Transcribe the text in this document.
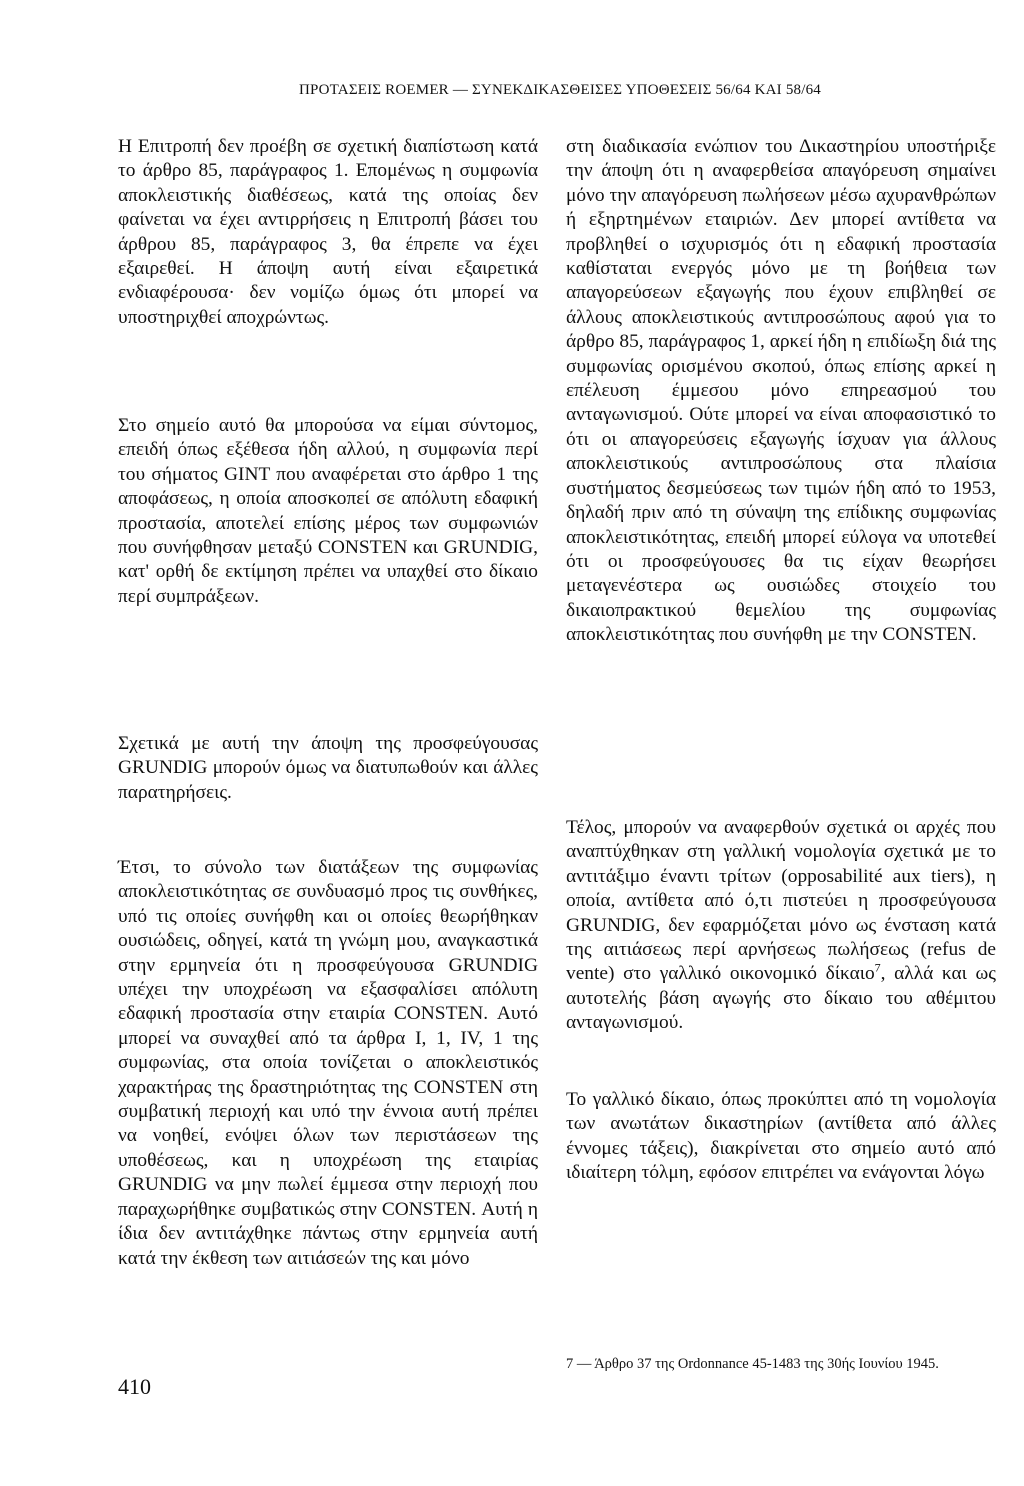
ΠΡΟΤΑΣΕΙΣ ROEMER — ΣΥΝΕΚΔΙΚΑΣΘΕΙΣΕΣ ΥΠΟΘΕΣΕΙΣ 56/64 ΚΑΙ 58/64

Η Επιτροπή δεν προέβη σε σχετική διαπίστωση κατά το άρθρο 85, παράγραφος 1. Επομένως η συμφωνία αποκλειστικής διαθέσεως, κατά της οποίας δεν φαίνεται να έχει αντιρρήσεις η Επιτροπή βάσει του άρθρου 85, παράγραφος 3, θα έπρεπε να έχει εξαιρεθεί. Η άποψη αυτή είναι εξαιρετικά ενδιαφέρουσα· δεν νομίζω όμως ότι μπορεί να υποστηριχθεί αποχρώντως.

Στο σημείο αυτό θα μπορούσα να είμαι σύντομος, επειδή όπως εξέθεσα ήδη αλλού, η συμφωνία περί του σήματος GINT που αναφέρεται στο άρθρο 1 της αποφάσεως, η οποία αποσκοπεί σε απόλυτη εδαφική προστασία, αποτελεί επίσης μέρος των συμφωνιών που συνήφθησαν μεταξύ CONSTEN και GRUNDIG, κατ' ορθή δε εκτίμηση πρέπει να υπαχθεί στο δίκαιο περί συμπράξεων.

Σχετικά με αυτή την άποψη της προσφεύγουσας GRUNDIG μπορούν όμως να διατυπωθούν και άλλες παρατηρήσεις.

Έτσι, το σύνολο των διατάξεων της συμφωνίας αποκλειστικότητας σε συνδυασμό προς τις συνθήκες, υπό τις οποίες συνήφθη και οι οποίες θεωρήθηκαν ουσιώδεις, οδηγεί, κατά τη γνώμη μου, αναγκαστικά στην ερμηνεία ότι η προσφεύγουσα GRUNDIG υπέχει την υποχρέωση να εξασφαλίσει απόλυτη εδαφική προστασία στην εταιρία CONSTEN. Αυτό μπορεί να συναχθεί από τα άρθρα I, 1, IV, 1 της συμφωνίας, στα οποία τονίζεται ο αποκλειστικός χαρακτήρας της δραστηριότητας της CONSTEN στη συμβατική περιοχή και υπό την έννοια αυτή πρέπει να νοηθεί, ενόψει όλων των περιστάσεων της υποθέσεως, και η υποχρέωση της εταιρίας GRUNDIG να μην πωλεί έμμεσα στην περιοχή που παραχωρήθηκε συμβατικώς στην CONSTEN. Αυτή η ίδια δεν αντιτάχθηκε πάντως στην ερμηνεία αυτή κατά την έκθεση των αιτιάσεών της και μόνο

στη διαδικασία ενώπιον του Δικαστηρίου υποστήριξε την άποψη ότι η αναφερθείσα απαγόρευση σημαίνει μόνο την απαγόρευση πωλήσεων μέσω αχυρανθρώπων ή εξηρτημένων εταιριών. Δεν μπορεί αντίθετα να προβληθεί ο ισχυρισμός ότι η εδαφική προστασία καθίσταται ενεργός μόνο με τη βοήθεια των απαγορεύσεων εξαγωγής που έχουν επιβληθεί σε άλλους αποκλειστικούς αντιπροσώπους αφού για το άρθρο 85, παράγραφος 1, αρκεί ήδη η επιδίωξη διά της συμφωνίας ορισμένου σκοπού, όπως επίσης αρκεί η επέλευση έμμεσου μόνο επηρεασμού του ανταγωνισμού. Ούτε μπορεί να είναι αποφασιστικό το ότι οι απαγορεύσεις εξαγωγής ίσχυαν για άλλους αποκλειστικούς αντιπροσώπους στα πλαίσια συστήματος δεσμεύσεως των τιμών ήδη από το 1953, δηλαδή πριν από τη σύναψη της επίδικης συμφωνίας αποκλειστικότητας, επειδή μπορεί εύλογα να υποτεθεί ότι οι προσφεύγουσες θα τις είχαν θεωρήσει μεταγενέστερα ως ουσιώδες στοιχείο του δικαιοπρακτικού θεμελίου της συμφωνίας αποκλειστικότητας που συνήφθη με την CONSTEN.

Τέλος, μπορούν να αναφερθούν σχετικά οι αρχές που αναπτύχθηκαν στη γαλλική νομολογία σχετικά με το αντιτάξιμο έναντι τρίτων (opposabilité aux tiers), η οποία, αντίθετα από ό,τι πιστεύει η προσφεύγουσα GRUNDIG, δεν εφαρμόζεται μόνο ως ένσταση κατά της αιτιάσεως περί αρνήσεως πωλήσεως (refus de vente) στο γαλλικό οικονομικό δίκαιο$^7$, αλλά και ως αυτοτελής βάση αγωγής στο δίκαιο του αθέμιτου ανταγωνισμού.

Το γαλλικό δίκαιο, όπως προκύπτει από τη νομολογία των ανωτάτων δικαστηρίων (αντίθετα από άλλες έννομες τάξεις), διακρίνεται στο σημείο αυτό από ιδιαίτερη τόλμη, εφόσον επιτρέπει να ενάγονται λόγω

7 — Άρθρο 37 της Ordonnance 45-1483 της 30ής Ιουνίου 1945.

410
